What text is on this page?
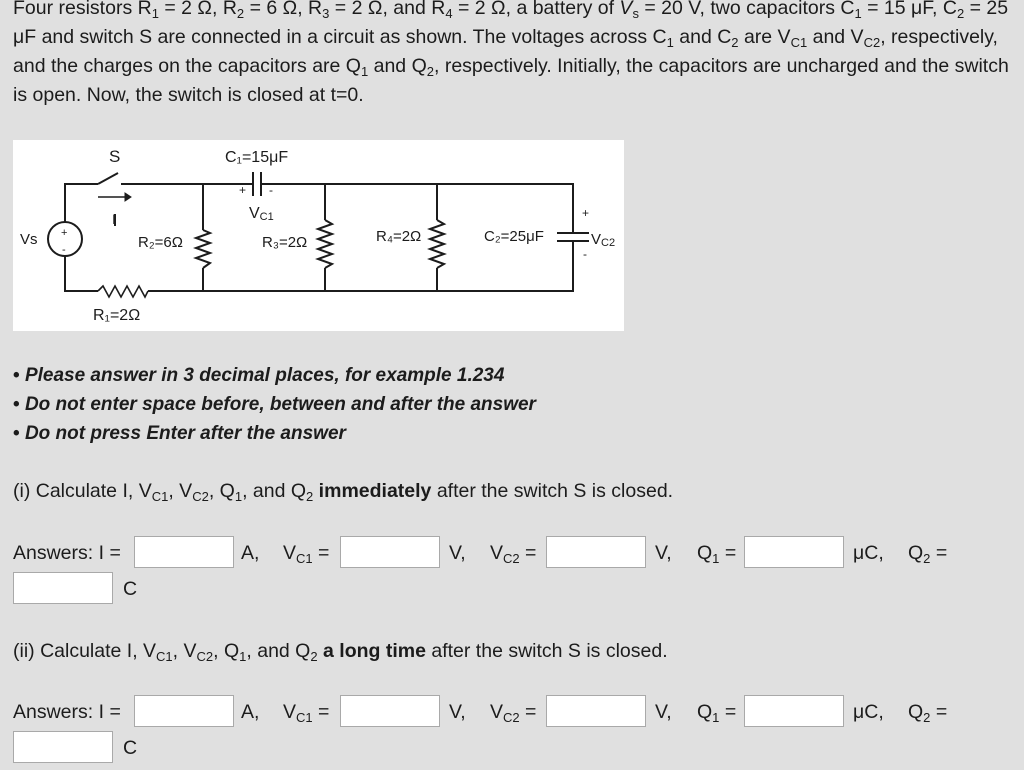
Four resistors $R_1 = 2$ Ω, $R_2 = 6$ Ω, $R_3 = 2$ Ω, and $R_4 = 2$ Ω, a battery of $V_s = 20$ V, two capacitors $C_1 = 15$ μF, $C_2 = 25$ μF and switch S are connected in a circuit as shown. The voltages across $C_1$ and $C_2$ are $V_{C1}$ and $V_{C2}$, respectively, and the charges on the capacitors are $Q_1$ and $Q_2$, respectively. Initially, the capacitors are uncharged and the switch is open. Now, the switch is closed at t=0.

S
I
Vs +
-
C₁=15μF
+ -
VC1
R₂=6Ω	R₃=2Ω	R₄=2Ω	C₂=25μF	VC2
+
-
R₁=2Ω
• Please answer in 3 decimal places, for example 1.234
• Do not enter space before, between and after the answer
• Do not press Enter after the answer

(i) Calculate I, $V_{C1}$, $V_{C2}$, $Q_1$, and $Q_2$ immediately after the switch S is closed.

Answers: I =	A, $V_{C1}$ =	V, $V_{C2}$ =	V, $Q_1$ =	μC, $Q_2$ =
C

(ii) Calculate I, $V_{C1}$, $V_{C2}$, $Q_1$, and $Q_2$ a long time after the switch S is closed.

Answers: I =	A, $V_{C1}$ =	V, $V_{C2}$ =	V, $Q_1$ =	μC, $Q_2$ =
C
